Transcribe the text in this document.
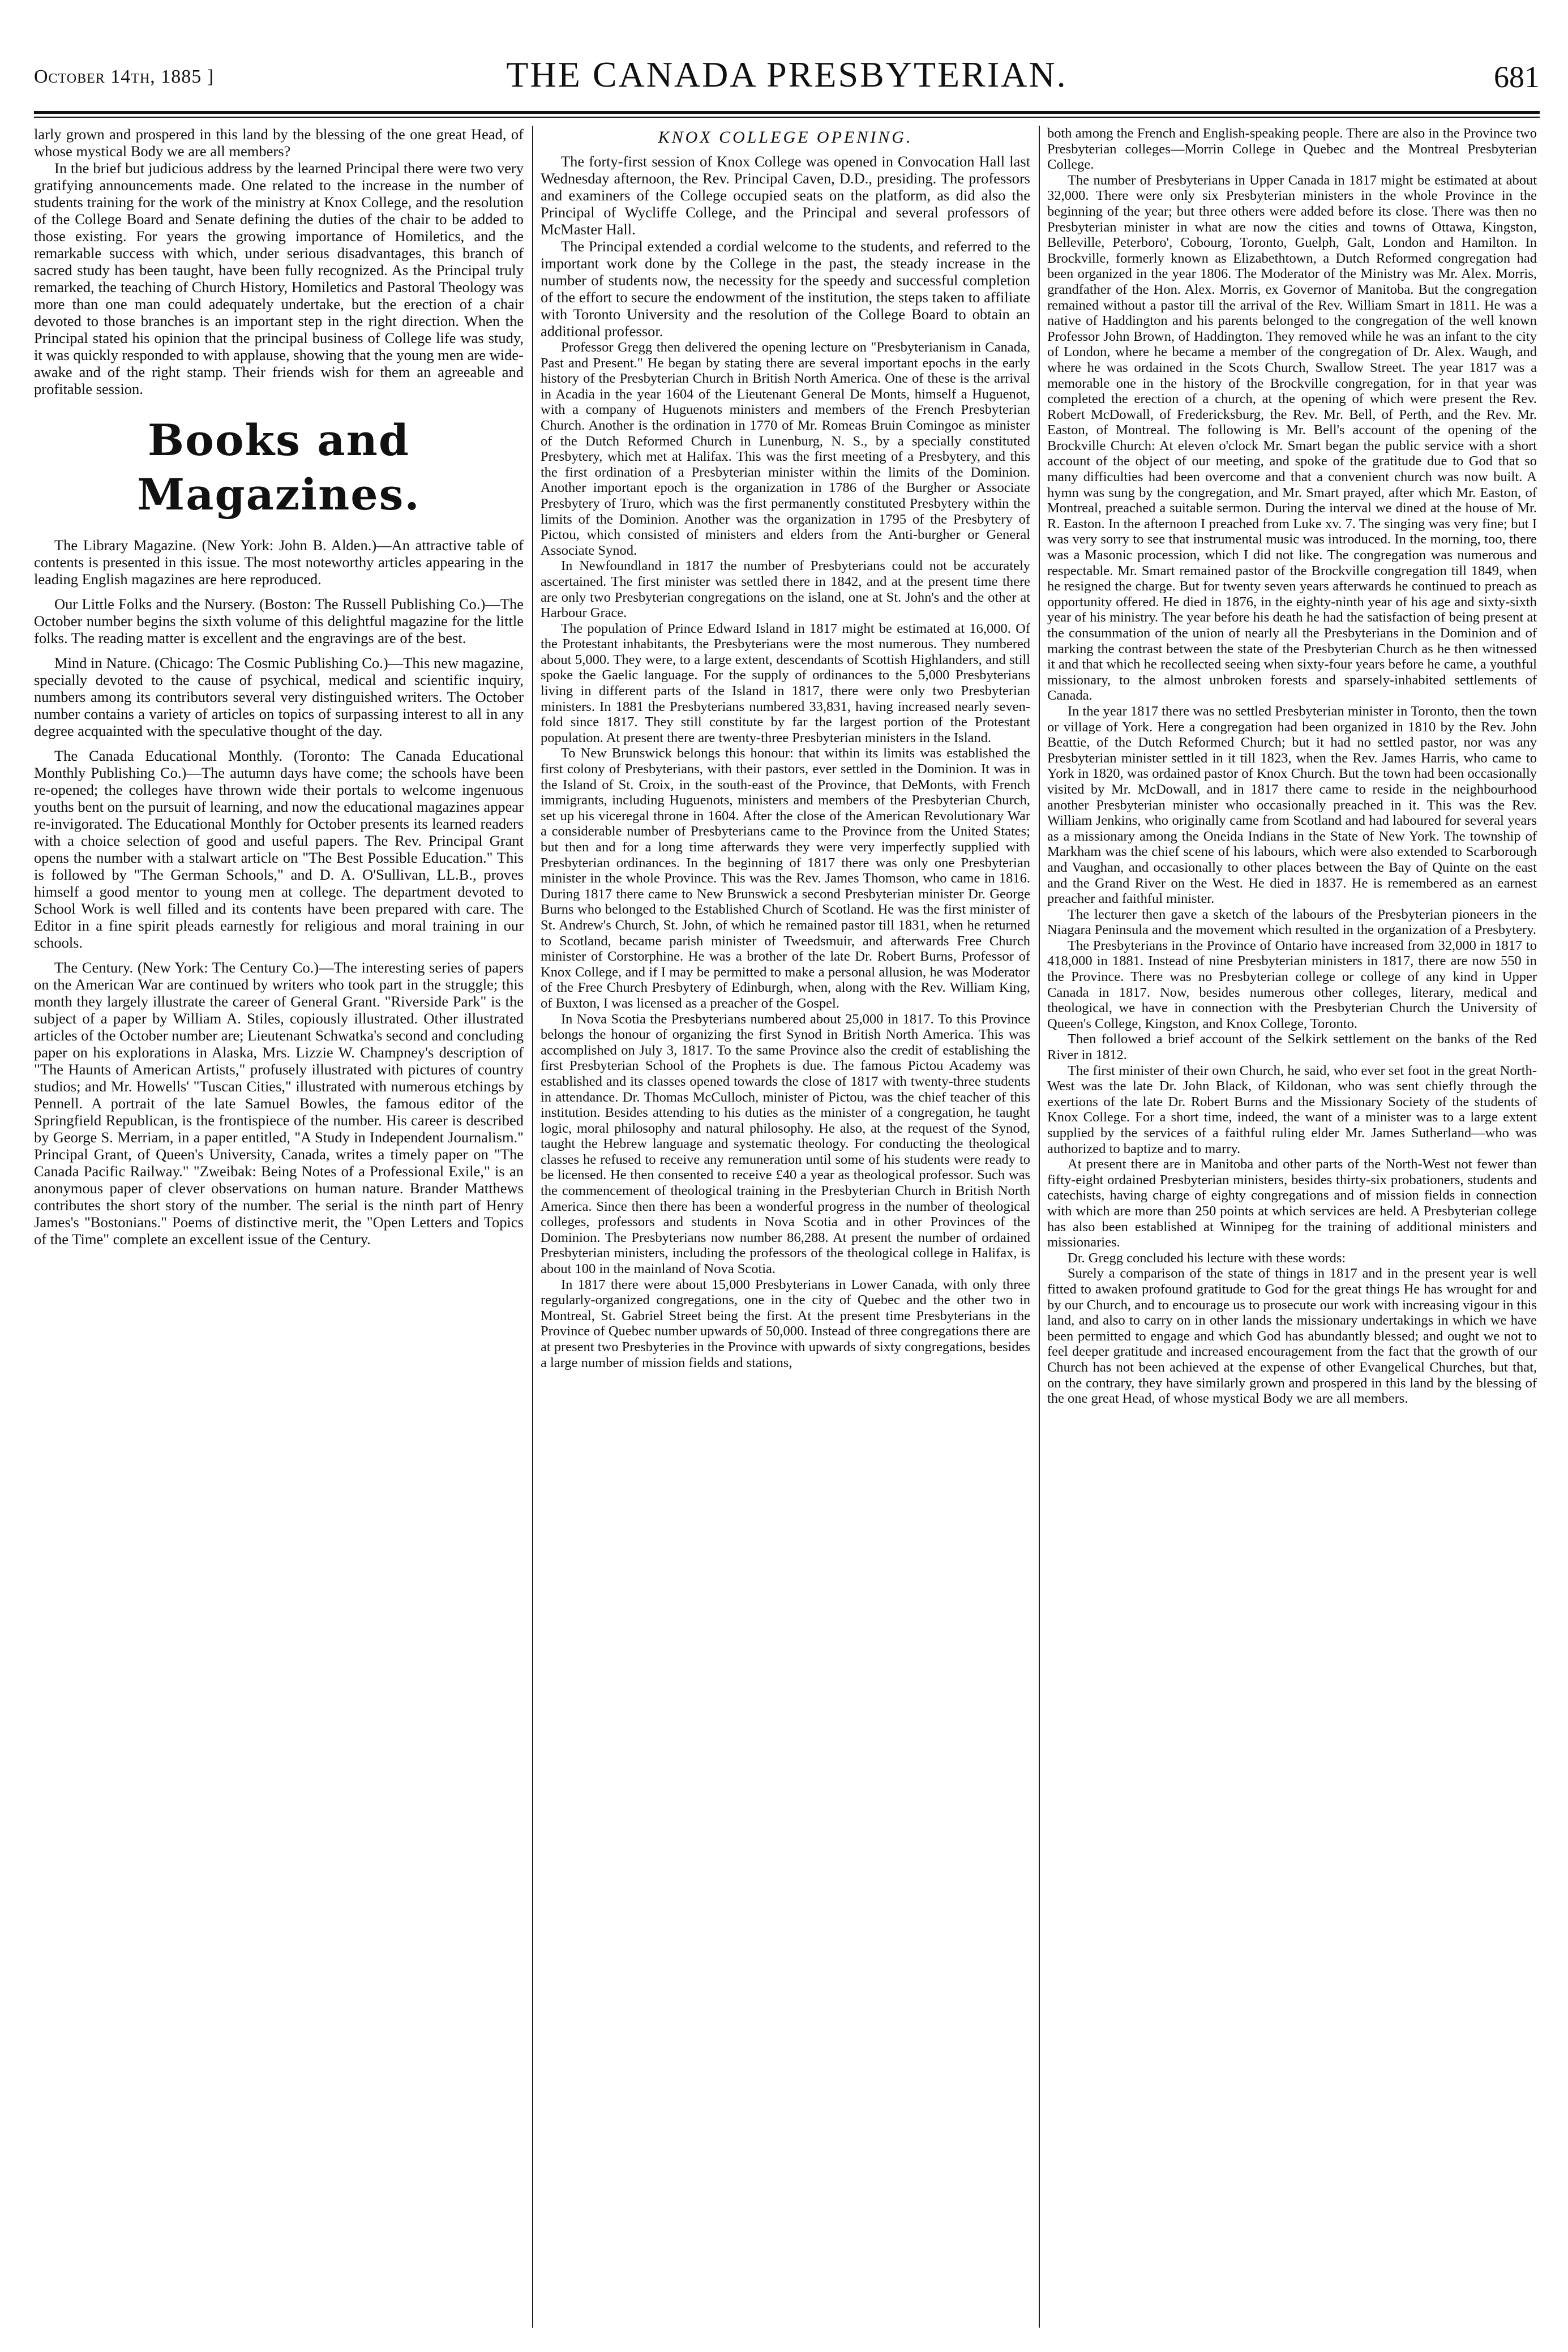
October 14th, 1885 ]	THE CANADA PRESBYTERIAN.	681

larly grown and prospered in this land by the blessing of the one great Head, of whose mystical Body we are all members?

In the brief but judicious address by the learned Principal there were two very gratifying announcements made. One related to the increase in the number of students training for the work of the ministry at Knox College, and the resolution of the College Board and Senate defining the duties of the chair to be added to those existing. For years the growing importance of Homiletics, and the remarkable success with which, under serious disadvantages, this branch of sacred study has been taught, have been fully recognized. As the Principal truly remarked, the teaching of Church History, Homiletics and Pastoral Theology was more than one man could adequately undertake, but the erection of a chair devoted to those branches is an important step in the right direction. When the Principal stated his opinion that the principal business of College life was study, it was quickly responded to with applause, showing that the young men are wide-awake and of the right stamp. Their friends wish for them an agreeable and profitable session.

Books and Magazines.

The Library Magazine. (New York: John B. Alden.)—An attractive table of contents is presented in this issue. The most noteworthy articles appearing in the leading English magazines are here reproduced.

Our Little Folks and the Nursery. (Boston: The Russell Publishing Co.)—The October number begins the sixth volume of this delightful magazine for the little folks. The reading matter is excellent and the engravings are of the best.

Mind in Nature. (Chicago: The Cosmic Publishing Co.)—This new magazine, specially devoted to the cause of psychical, medical and scientific inquiry, numbers among its contributors several very distinguished writers. The October number contains a variety of articles on topics of surpassing interest to all in any degree acquainted with the speculative thought of the day.

The Canada Educational Monthly. (Toronto: The Canada Educational Monthly Publishing Co.)—The autumn days have come; the schools have been re-opened; the colleges have thrown wide their portals to welcome ingenuous youths bent on the pursuit of learning, and now the educational magazines appear re-invigorated. The Educational Monthly for October presents its learned readers with a choice selection of good and useful papers. The Rev. Principal Grant opens the number with a stalwart article on "The Best Possible Education." This is followed by "The German Schools," and D. A. O'Sullivan, LL.B., proves himself a good mentor to young men at college. The department devoted to School Work is well filled and its contents have been prepared with care. The Editor in a fine spirit pleads earnestly for religious and moral training in our schools.

The Century. (New York: The Century Co.)—The interesting series of papers on the American War are continued by writers who took part in the struggle; this month they largely illustrate the career of General Grant. "Riverside Park" is the subject of a paper by William A. Stiles, copiously illustrated. Other illustrated articles of the October number are; Lieutenant Schwatka's second and concluding paper on his explorations in Alaska, Mrs. Lizzie W. Champney's description of "The Haunts of American Artists," profusely illustrated with pictures of country studios; and Mr. Howells' "Tuscan Cities," illustrated with numerous etchings by Pennell. A portrait of the late Samuel Bowles, the famous editor of the Springfield Republican, is the frontispiece of the number. His career is described by George S. Merriam, in a paper entitled, "A Study in Independent Journalism." Principal Grant, of Queen's University, Canada, writes a timely paper on "The Canada Pacific Railway." "Zweibak: Being Notes of a Professional Exile," is an anonymous paper of clever observations on human nature. Brander Matthews contributes the short story of the number. The serial is the ninth part of Henry James's "Bostonians." Poems of distinctive merit, the "Open Letters and Topics of the Time" complete an excellent issue of the Century.

KNOX COLLEGE OPENING.

The forty-first session of Knox College was opened in Convocation Hall last Wednesday afternoon, the Rev. Principal Caven, D.D., presiding. The professors and examiners of the College occupied seats on the platform, as did also the Principal of Wycliffe College, and the Principal and several professors of McMaster Hall.

The Principal extended a cordial welcome to the students, and referred to the important work done by the College in the past, the steady increase in the number of students now, the necessity for the speedy and successful completion of the effort to secure the endowment of the institution, the steps taken to affiliate with Toronto University and the resolution of the College Board to obtain an additional professor.

Professor Gregg then delivered the opening lecture on "Presbyterianism in Canada, Past and Present." He began by stating there are several important epochs in the early history of the Presbyterian Church in British North America. One of these is the arrival in Acadia in the year 1604 of the Lieutenant General De Monts, himself a Huguenot, with a company of Huguenots ministers and members of the French Presbyterian Church. Another is the ordination in 1770 of Mr. Romeas Bruin Comingoe as minister of the Dutch Reformed Church in Lunenburg, N. S., by a specially constituted Presbytery, which met at Halifax. This was the first meeting of a Presbytery, and this the first ordination of a Presbyterian minister within the limits of the Dominion. Another important epoch is the organization in 1786 of the Burgher or Associate Presbytery of Truro, which was the first permanently constituted Presbytery within the limits of the Dominion. Another was the organization in 1795 of the Presbytery of Pictou, which consisted of ministers and elders from the Anti-burgher or General Associate Synod.

In Newfoundland in 1817 the number of Presbyterians could not be accurately ascertained. The first minister was settled there in 1842, and at the present time there are only two Presbyterian congregations on the island, one at St. John's and the other at Harbour Grace.

The population of Prince Edward Island in 1817 might be estimated at 16,000. Of the Protestant inhabitants, the Presbyterians were the most numerous. They numbered about 5,000. They were, to a large extent, descendants of Scottish Highlanders, and still spoke the Gaelic language. For the supply of ordinances to the 5,000 Presbyterians living in different parts of the Island in 1817, there were only two Presbyterian ministers. In 1881 the Presbyterians numbered 33,831, having increased nearly seven-fold since 1817. They still constitute by far the largest portion of the Protestant population. At present there are twenty-three Presbyterian ministers in the Island.

To New Brunswick belongs this honour: that within its limits was established the first colony of Presbyterians, with their pastors, ever settled in the Dominion. It was in the Island of St. Croix, in the south-east of the Province, that DeMonts, with French immigrants, including Huguenots, ministers and members of the Presbyterian Church, set up his viceregal throne in 1604. After the close of the American Revolutionary War a considerable number of Presbyterians came to the Province from the United States; but then and for a long time afterwards they were very imperfectly supplied with Presbyterian ordinances. In the beginning of 1817 there was only one Presbyterian minister in the whole Province. This was the Rev. James Thomson, who came in 1816. During 1817 there came to New Brunswick a second Presbyterian minister Dr. George Burns who belonged to the Established Church of Scotland. He was the first minister of St. Andrew's Church, St. John, of which he remained pastor till 1831, when he returned to Scotland, became parish minister of Tweedsmuir, and afterwards Free Church minister of Corstorphine. He was a brother of the late Dr. Robert Burns, Professor of Knox College, and if I may be permitted to make a personal allusion, he was Moderator of the Free Church Presbytery of Edinburgh, when, along with the Rev. William King, of Buxton, I was licensed as a preacher of the Gospel.

In Nova Scotia the Presbyterians numbered about 25,000 in 1817. To this Province belongs the honour of organizing the first Synod in British North America. This was accomplished on July 3, 1817. To the same Province also the credit of establishing the first Presbyterian School of the Prophets is due. The famous Pictou Academy was established and its classes opened towards the close of 1817 with twenty-three students in attendance. Dr. Thomas McCulloch, minister of Pictou, was the chief teacher of this institution. Besides attending to his duties as the minister of a congregation, he taught logic, moral philosophy and natural philosophy. He also, at the request of the Synod, taught the Hebrew language and systematic theology. For conducting the theological classes he refused to receive any remuneration until some of his students were ready to be licensed. He then consented to receive £40 a year as theological professor. Such was the commencement of theological training in the Presbyterian Church in British North America. Since then there has been a wonderful progress in the number of theological colleges, professors and students in Nova Scotia and in other Provinces of the Dominion. The Presbyterians now number 86,288. At present the number of ordained Presbyterian ministers, including the professors of the theological college in Halifax, is about 100 in the mainland of Nova Scotia.

In 1817 there were about 15,000 Presbyterians in Lower Canada, with only three regularly-organized congregations, one in the city of Quebec and the other two in Montreal, St. Gabriel Street being the first. At the present time Presbyterians in the Province of Quebec number upwards of 50,000. Instead of three congregations there are at present two Presbyteries in the Province with upwards of sixty congregations, besides a large number of mission fields and stations,

both among the French and English-speaking people. There are also in the Province two Presbyterian colleges—Morrin College in Quebec and the Montreal Presbyterian College.

The number of Presbyterians in Upper Canada in 1817 might be estimated at about 32,000. There were only six Presbyterian ministers in the whole Province in the beginning of the year; but three others were added before its close. There was then no Presbyterian minister in what are now the cities and towns of Ottawa, Kingston, Belleville, Peterboro', Cobourg, Toronto, Guelph, Galt, London and Hamilton. In Brockville, formerly known as Elizabethtown, a Dutch Reformed congregation had been organized in the year 1806. The Moderator of the Ministry was Mr. Alex. Morris, grandfather of the Hon. Alex. Morris, ex Governor of Manitoba. But the congregation remained without a pastor till the arrival of the Rev. William Smart in 1811. He was a native of Haddington and his parents belonged to the congregation of the well known Professor John Brown, of Haddington. They removed while he was an infant to the city of London, where he became a member of the congregation of Dr. Alex. Waugh, and where he was ordained in the Scots Church, Swallow Street. The year 1817 was a memorable one in the history of the Brockville congregation, for in that year was completed the erection of a church, at the opening of which were present the Rev. Robert McDowall, of Fredericksburg, the Rev. Mr. Bell, of Perth, and the Rev. Mr. Easton, of Montreal. The following is Mr. Bell's account of the opening of the Brockville Church: At eleven o'clock Mr. Smart began the public service with a short account of the object of our meeting, and spoke of the gratitude due to God that so many difficulties had been overcome and that a convenient church was now built. A hymn was sung by the congregation, and Mr. Smart prayed, after which Mr. Easton, of Montreal, preached a suitable sermon. During the interval we dined at the house of Mr. R. Easton. In the afternoon I preached from Luke xv. 7. The singing was very fine; but I was very sorry to see that instrumental music was introduced. In the morning, too, there was a Masonic procession, which I did not like. The congregation was numerous and respectable. Mr. Smart remained pastor of the Brockville congregation till 1849, when he resigned the charge. But for twenty seven years afterwards he continued to preach as opportunity offered. He died in 1876, in the eighty-ninth year of his age and sixty-sixth year of his ministry. The year before his death he had the satisfaction of being present at the consummation of the union of nearly all the Presbyterians in the Dominion and of marking the contrast between the state of the Presbyterian Church as he then witnessed it and that which he recollected seeing when sixty-four years before he came, a youthful missionary, to the almost unbroken forests and sparsely-inhabited settlements of Canada.

In the year 1817 there was no settled Presbyterian minister in Toronto, then the town or village of York. Here a congregation had been organized in 1810 by the Rev. John Beattie, of the Dutch Reformed Church; but it had no settled pastor, nor was any Presbyterian minister settled in it till 1823, when the Rev. James Harris, who came to York in 1820, was ordained pastor of Knox Church. But the town had been occasionally visited by Mr. McDowall, and in 1817 there came to reside in the neighbourhood another Presbyterian minister who occasionally preached in it. This was the Rev. William Jenkins, who originally came from Scotland and had laboured for several years as a missionary among the Oneida Indians in the State of New York. The township of Markham was the chief scene of his labours, which were also extended to Scarborough and Vaughan, and occasionally to other places between the Bay of Quinte on the east and the Grand River on the West. He died in 1837. He is remembered as an earnest preacher and faithful minister.

The lecturer then gave a sketch of the labours of the Presbyterian pioneers in the Niagara Peninsula and the movement which resulted in the organization of a Presbytery.

The Presbyterians in the Province of Ontario have increased from 32,000 in 1817 to 418,000 in 1881. Instead of nine Presbyterian ministers in 1817, there are now 550 in the Province. There was no Presbyterian college or college of any kind in Upper Canada in 1817. Now, besides numerous other colleges, literary, medical and theological, we have in connection with the Presbyterian Church the University of Queen's College, Kingston, and Knox College, Toronto.

Then followed a brief account of the Selkirk settlement on the banks of the Red River in 1812.

The first minister of their own Church, he said, who ever set foot in the great North-West was the late Dr. John Black, of Kildonan, who was sent chiefly through the exertions of the late Dr. Robert Burns and the Missionary Society of the students of Knox College. For a short time, indeed, the want of a minister was to a large extent supplied by the services of a faithful ruling elder Mr. James Sutherland—who was authorized to baptize and to marry.

At present there are in Manitoba and other parts of the North-West not fewer than fifty-eight ordained Presbyterian ministers, besides thirty-six probationers, students and catechists, having charge of eighty congregations and of mission fields in connection with which are more than 250 points at which services are held. A Presbyterian college has also been established at Winnipeg for the training of additional ministers and missionaries.

Dr. Gregg concluded his lecture with these words:

Surely a comparison of the state of things in 1817 and in the present year is well fitted to awaken profound gratitude to God for the great things He has wrought for and by our Church, and to encourage us to prosecute our work with increasing vigour in this land, and also to carry on in other lands the missionary undertakings in which we have been permitted to engage and which God has abundantly blessed; and ought we not to feel deeper gratitude and increased encouragement from the fact that the growth of our Church has not been achieved at the expense of other Evangelical Churches, but that, on the contrary, they have similarly grown and prospered in this land by the blessing of the one great Head, of whose mystical Body we are all members.
